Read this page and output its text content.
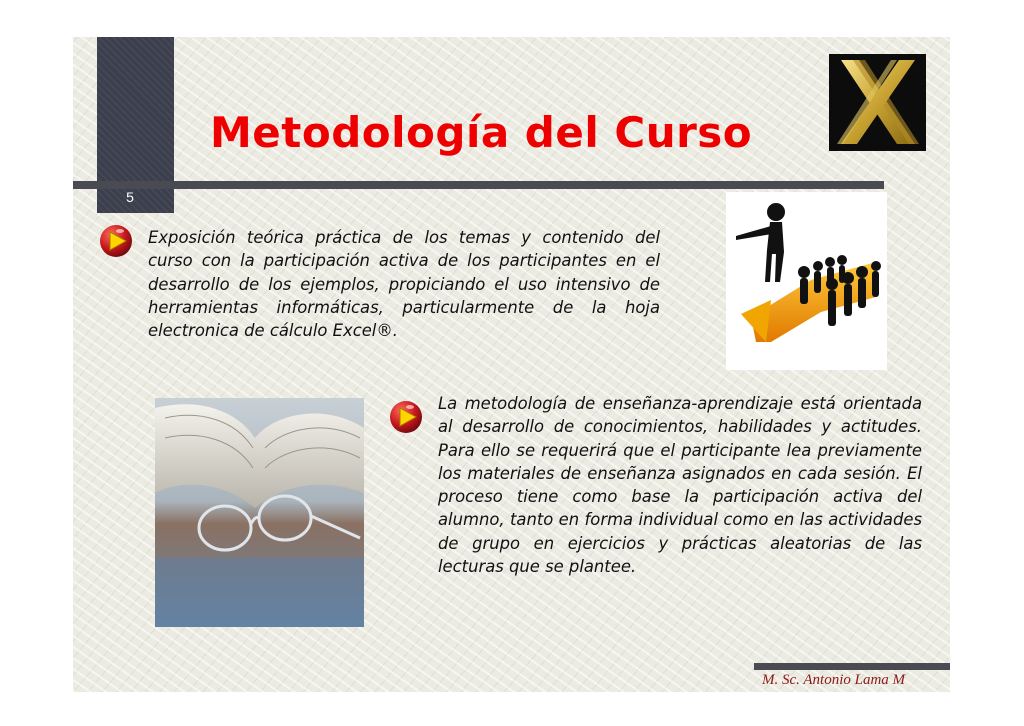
5
Metodología del Curso

Exposición teórica práctica de los temas y contenido del curso con la participación activa de los participantes en el desarrollo de los ejemplos, propiciando el uso intensivo de herramientas informáticas, particularmente de la hoja electronica de cálculo Excel®.

La metodología de enseñanza-aprendizaje está orientada al desarrollo de conocimientos, habilidades y actitudes. Para ello se requerirá que el participante lea previamente los materiales de enseñanza asignados en cada sesión. El proceso tiene como base la participación activa del alumno, tanto en forma individual como en las actividades de grupo en ejercicios y prácticas aleatorias de las lecturas que se plantee.

M. Sc. Antonio Lama M
